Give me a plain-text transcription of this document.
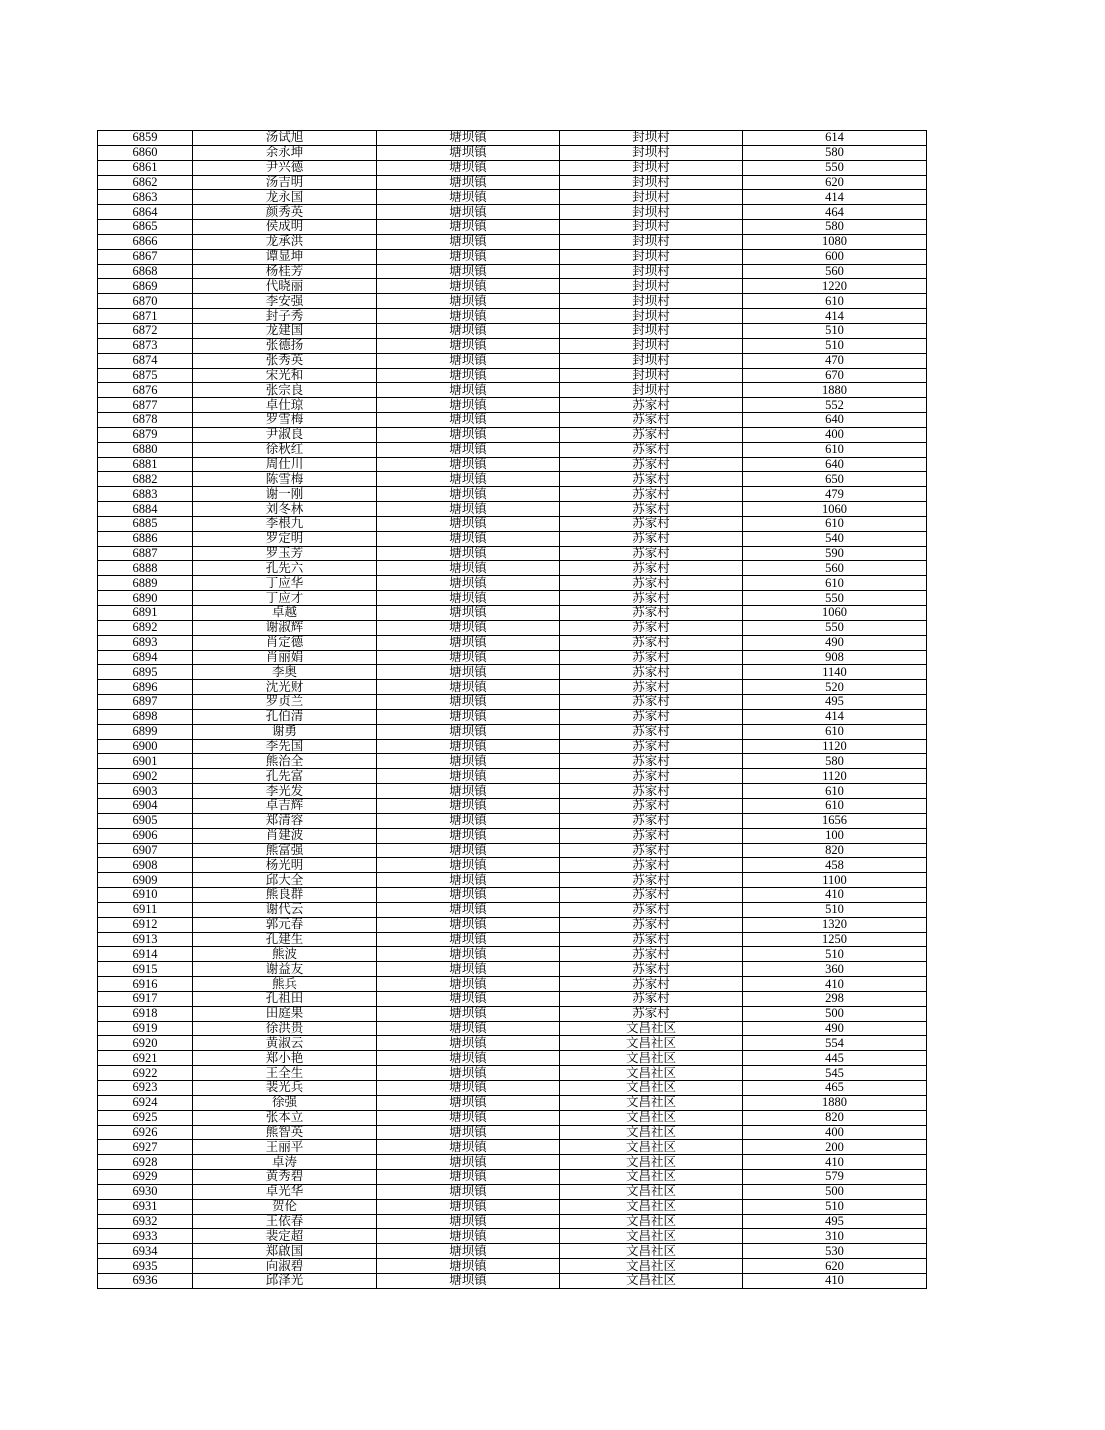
6859	汤试旭	塘坝镇	封坝村	614
6860	余永坤	塘坝镇	封坝村	580
6861	尹兴德	塘坝镇	封坝村	550
6862	汤吉明	塘坝镇	封坝村	620
6863	龙永国	塘坝镇	封坝村	414
6864	颜秀英	塘坝镇	封坝村	464
6865	侯成明	塘坝镇	封坝村	580
6866	龙承洪	塘坝镇	封坝村	1080
6867	谭显坤	塘坝镇	封坝村	600
6868	杨桂芳	塘坝镇	封坝村	560
6869	代晓丽	塘坝镇	封坝村	1220
6870	李安强	塘坝镇	封坝村	610
6871	封子秀	塘坝镇	封坝村	414
6872	龙建国	塘坝镇	封坝村	510
6873	张德扬	塘坝镇	封坝村	510
6874	张秀英	塘坝镇	封坝村	470
6875	宋光和	塘坝镇	封坝村	670
6876	张宗良	塘坝镇	封坝村	1880
6877	卓仕琼	塘坝镇	苏家村	552
6878	罗雪梅	塘坝镇	苏家村	640
6879	尹淑良	塘坝镇	苏家村	400
6880	徐秋红	塘坝镇	苏家村	610
6881	周仕川	塘坝镇	苏家村	640
6882	陈雪梅	塘坝镇	苏家村	650
6883	谢一刚	塘坝镇	苏家村	479
6884	刘冬林	塘坝镇	苏家村	1060
6885	李根九	塘坝镇	苏家村	610
6886	罗定明	塘坝镇	苏家村	540
6887	罗玉芳	塘坝镇	苏家村	590
6888	孔先六	塘坝镇	苏家村	560
6889	丁应华	塘坝镇	苏家村	610
6890	丁应才	塘坝镇	苏家村	550
6891	卓越	塘坝镇	苏家村	1060
6892	谢淑辉	塘坝镇	苏家村	550
6893	肖定德	塘坝镇	苏家村	490
6894	肖丽娟	塘坝镇	苏家村	908
6895	李奥	塘坝镇	苏家村	1140
6896	沈光财	塘坝镇	苏家村	520
6897	罗贞兰	塘坝镇	苏家村	495
6898	孔伯清	塘坝镇	苏家村	414
6899	谢勇	塘坝镇	苏家村	610
6900	李先国	塘坝镇	苏家村	1120
6901	熊治全	塘坝镇	苏家村	580
6902	孔先富	塘坝镇	苏家村	1120
6903	李光发	塘坝镇	苏家村	610
6904	卓吉辉	塘坝镇	苏家村	610
6905	郑清容	塘坝镇	苏家村	1656
6906	肖建波	塘坝镇	苏家村	100
6907	熊富强	塘坝镇	苏家村	820
6908	杨光明	塘坝镇	苏家村	458
6909	邱大全	塘坝镇	苏家村	1100
6910	熊良群	塘坝镇	苏家村	410
6911	谢代云	塘坝镇	苏家村	510
6912	郭元春	塘坝镇	苏家村	1320
6913	孔建生	塘坝镇	苏家村	1250
6914	熊波	塘坝镇	苏家村	510
6915	谢益友	塘坝镇	苏家村	360
6916	熊兵	塘坝镇	苏家村	410
6917	孔祖田	塘坝镇	苏家村	298
6918	田庭果	塘坝镇	苏家村	500
6919	徐洪贵	塘坝镇	文昌社区	490
6920	黄淑云	塘坝镇	文昌社区	554
6921	郑小艳	塘坝镇	文昌社区	445
6922	王全生	塘坝镇	文昌社区	545
6923	裴光兵	塘坝镇	文昌社区	465
6924	徐强	塘坝镇	文昌社区	1880
6925	张本立	塘坝镇	文昌社区	820
6926	熊智英	塘坝镇	文昌社区	400
6927	王丽平	塘坝镇	文昌社区	200
6928	卓涛	塘坝镇	文昌社区	410
6929	黄秀碧	塘坝镇	文昌社区	579
6930	卓光华	塘坝镇	文昌社区	500
6931	贺伦	塘坝镇	文昌社区	510
6932	王依春	塘坝镇	文昌社区	495
6933	裴定超	塘坝镇	文昌社区	310
6934	郑啟国	塘坝镇	文昌社区	530
6935	向淑碧	塘坝镇	文昌社区	620
6936	邱泽光	塘坝镇	文昌社区	410
